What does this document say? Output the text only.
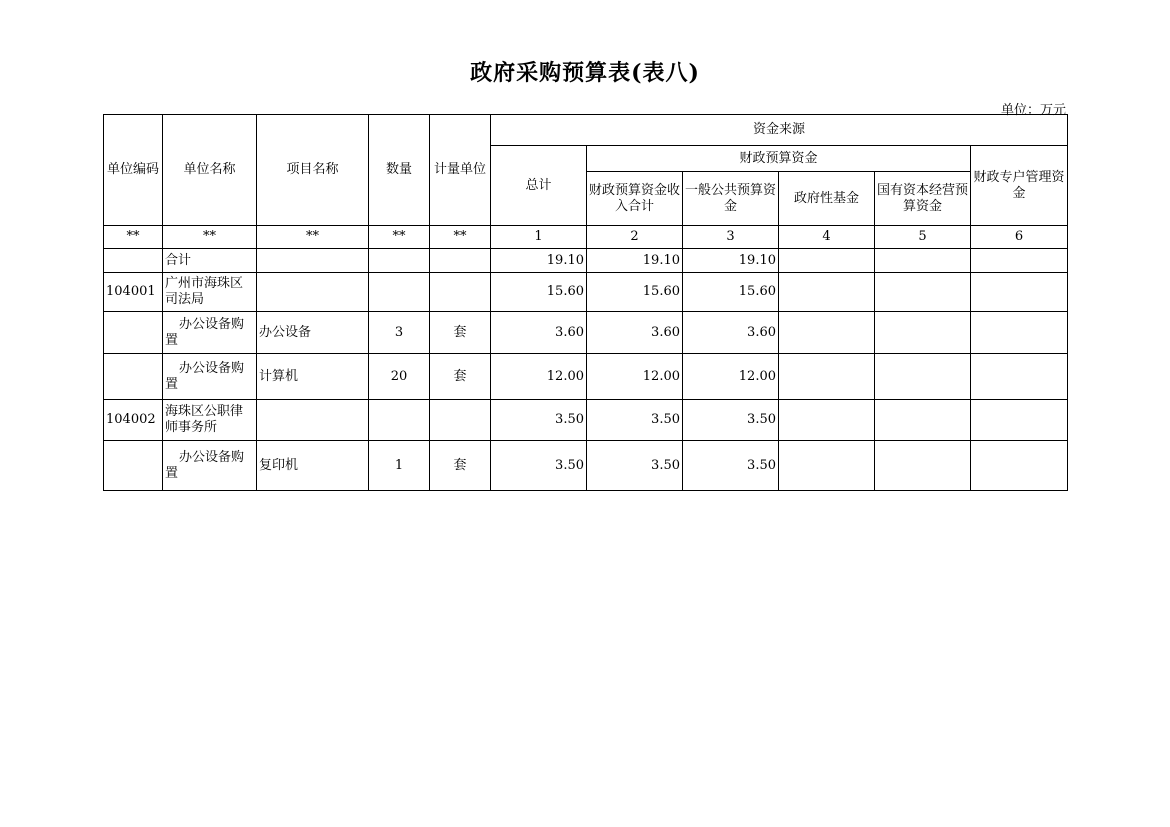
政府采购预算表(表八)
单位：万元
单位编码	单位名称	项目名称	数量	计量单位	资金来源					
					总计	财政预算资金				财政专户管理资金
						财政预算资金收入合计	一般公共预算资金	政府性基金	国有资本经营预算资金	
**	**	**	**	**	1	2	3	4	5	6
	合计				19.10	19.10	19.10			
104001	广州市海珠区司法局				15.60	15.60	15.60			
	办公设备购置	办公设备	3	套	3.60	3.60	3.60			
	办公设备购置	计算机	20	套	12.00	12.00	12.00			
104002	海珠区公职律师事务所				3.50	3.50	3.50			
	办公设备购置	复印机	1	套	3.50	3.50	3.50			
